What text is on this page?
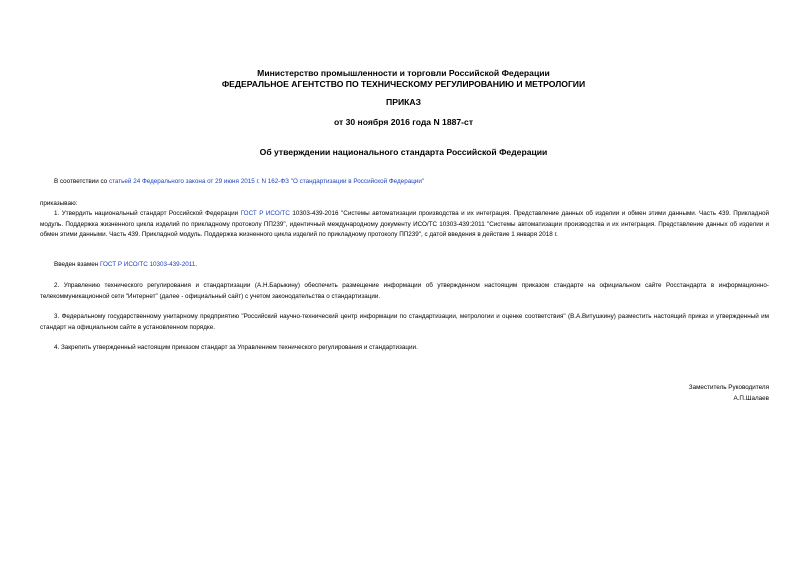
Министерство промышленности и торговли Российской Федерации
ФЕДЕРАЛЬНОЕ АГЕНТСТВО ПО ТЕХНИЧЕСКОМУ РЕГУЛИРОВАНИЮ И МЕТРОЛОГИИ
ПРИКАЗ
от 30 ноября 2016 года N 1887-ст
Об утверждении национального стандарта Российской Федерации
В соответствии со статьей 24 Федерального закона от 29 июня 2015 г. N 162-ФЗ "О стандартизации в Российской Федерации"
приказываю:
1. Утвердить национальный стандарт Российской Федерации ГОСТ Р ИСО/ТС 10303-439-2016 "Системы автоматизации производства и их интеграция. Представление данных об изделии и обмен этими данными. Часть 439. Прикладной модуль. Поддержка жизненного цикла изделий по прикладному протоколу ПП239", идентичный международному документу ИСО/ТС 10303-439:2011 "Системы автоматизации производства и их интеграция. Представление данных об изделии и обмен этими данными. Часть 439. Прикладной модуль. Поддержка жизненного цикла изделий по прикладному протоколу ПП239", с датой введения в действие 1 января 2018 г.
Введен взамен ГОСТ Р ИСО/ТС 10303-439-2011.
2. Управлению технического регулирования и стандартизации (А.Н.Барыкину) обеспечить размещение информации об утвержденном настоящим приказом стандарте на официальном сайте Росстандарта в информационно-телекоммуникационной сети "Интернет" (далее - официальный сайт) с учетом законодательства о стандартизации.
3. Федеральному государственному унитарному предприятию "Российский научно-технический центр информации по стандартизации, метрологии и оценке соответствия" (В.А.Витушкину) разместить настоящий приказ и утвержденный им стандарт на официальном сайте в установленном порядке.
4. Закрепить утвержденный настоящим приказом стандарт за Управлением технического регулирования и стандартизации.
Заместитель Руководителя
А.П.Шалаев
